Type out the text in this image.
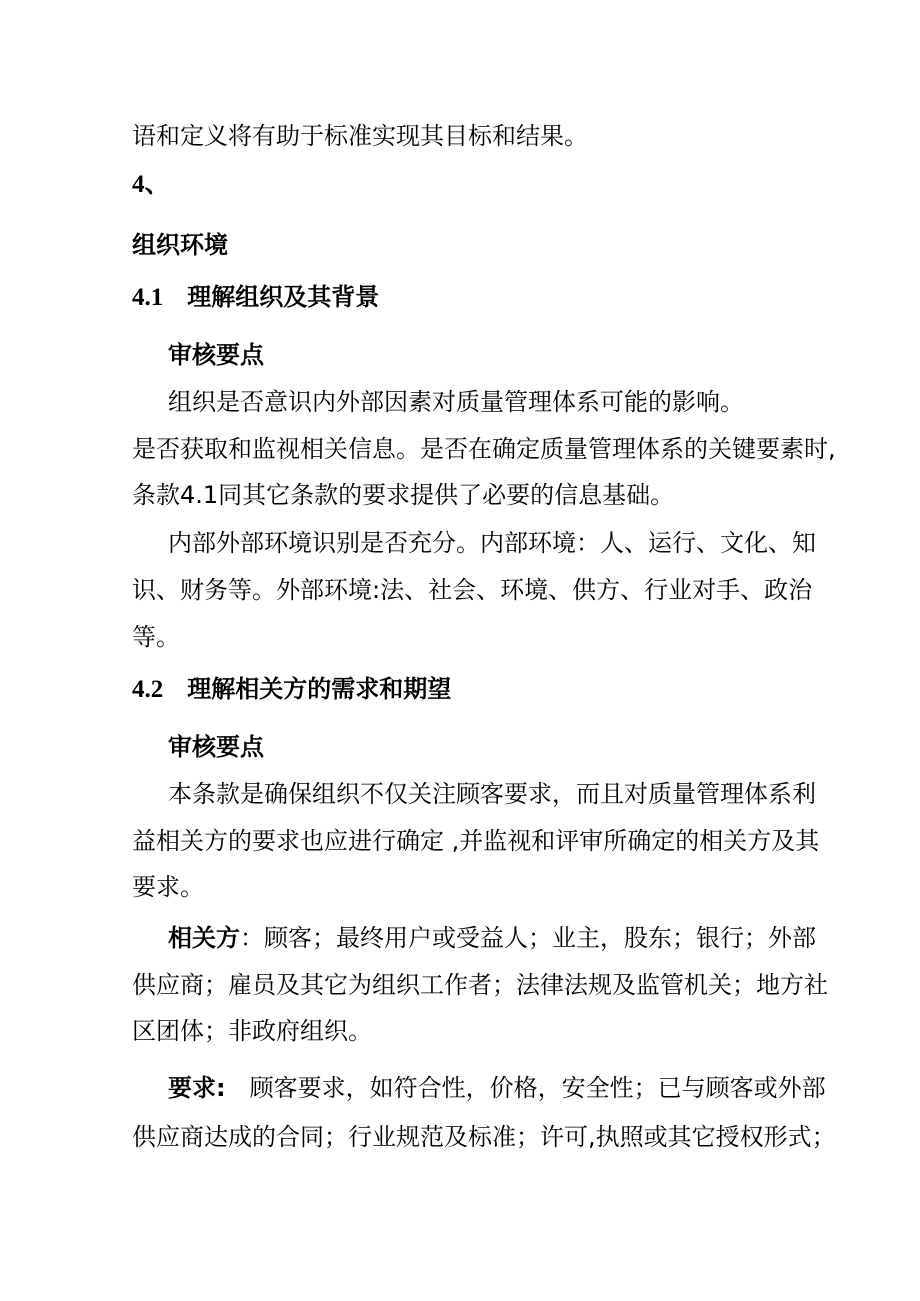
语和定义将有助于标准实现其目标和结果。
4、
组织环境
4.1 理解组织及其背景
审核要点
组织是否意识内外部因素对质量管理体系可能的影响。
是否获取和监视相关信息。是否在确定质量管理体系的关键要素时,
条款4.1同其它条款的要求提供了必要的信息基础。
内部外部环境识别是否充分。内部环境：人、运行、文化、知
识、财务等。外部环境:法、社会、环境、供方、行业对手、政治
等。
4.2 理解相关方的需求和期望
审核要点
本条款是确保组织不仅关注顾客要求，而且对质量管理体系利
益相关方的要求也应进行确定 ,并监视和评审所确定的相关方及其
要求。
相关方：顾客；最终用户或受益人；业主，股东；银行；外部
供应商；雇员及其它为组织工作者；法律法规及监管机关；地方社
区团体；非政府组织。
要求: 顾客要求，如符合性，价格，安全性；已与顾客或外部
供应商达成的合同；行业规范及标准；许可,执照或其它授权形式；
